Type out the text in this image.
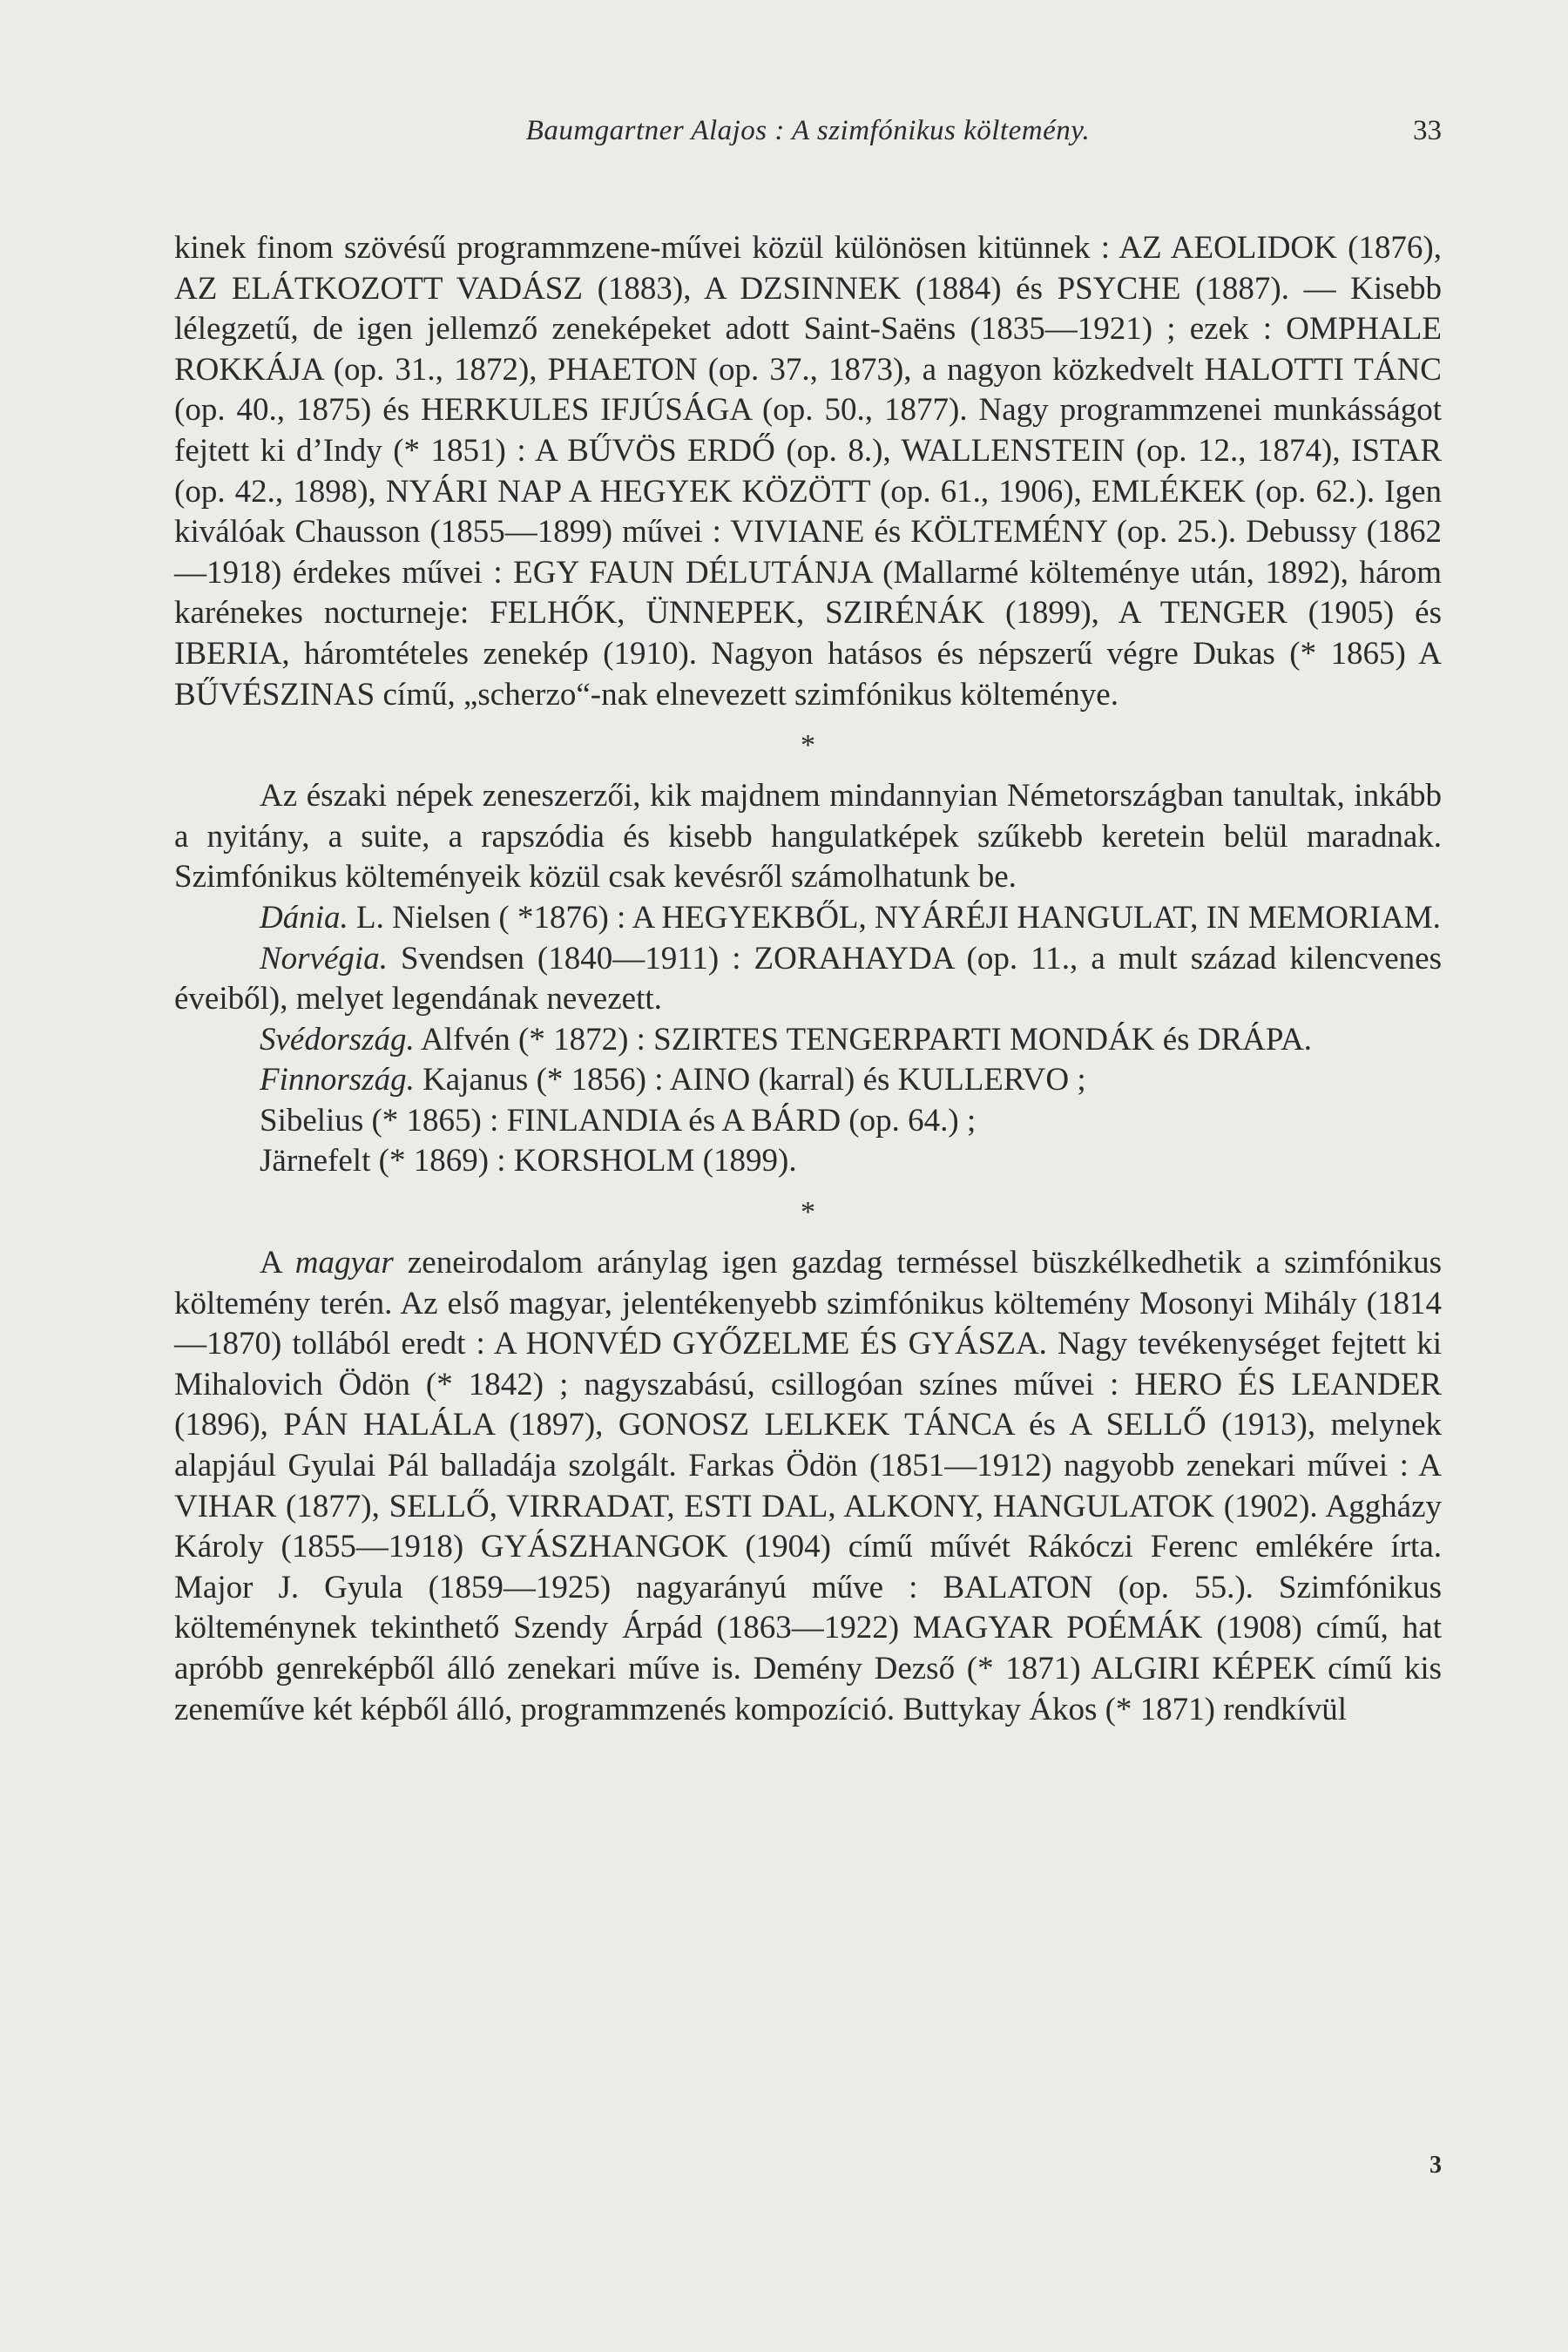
Baumgartner Alajos : A szimfónikus költemény.	33

kinek finom szövésű programmzene-művei közül különösen kitünnek : AZ AEOLIDOK (1876), AZ ELÁTKOZOTT VADÁSZ (1883), A DZSINNEK (1884) és PSYCHE (1887). — Kisebb lélegzetű, de igen jellemző zeneképeket adott Saint-Saëns (1835—1921) ; ezek : OMPHALE ROKKÁJA (op. 31., 1872), PHAETON (op. 37., 1873), a nagyon közkedvelt HALOTTI TÁNC (op. 40., 1875) és HERKULES IFJÚSÁGA (op. 50., 1877). Nagy programmzenei munkásságot fejtett ki d’Indy (* 1851) : A BŰVÖS ERDŐ (op. 8.), WALLENSTEIN (op. 12., 1874), ISTAR (op. 42., 1898), NYÁRI NAP A HEGYEK KÖZÖTT (op. 61., 1906), EMLÉKEK (op. 62.). Igen kiválóak Chausson (1855—1899) művei : VIVIANE és KÖLTEMÉNY (op. 25.). Debussy (1862—1918) érdekes művei : EGY FAUN DÉLUTÁNJA (Mallarmé költeménye után, 1892), három karénekes nocturneje: FELHŐK, ÜNNEPEK, SZIRÉNÁK (1899), A TENGER (1905) és IBERIA, háromtételes zenekép (1910). Nagyon hatásos és népszerű végre Dukas (* 1865) A BŰVÉSZINAS című, „scherzo“-nak elnevezett szimfónikus költeménye.

*

Az északi népek zeneszerzői, kik majdnem mindannyian Németországban tanultak, inkább a nyitány, a suite, a rapszódia és kisebb hangulatképek szűkebb keretein belül maradnak. Szimfónikus költeményeik közül csak kevésről számolhatunk be.

Dánia. L. Nielsen ( *1876) : A HEGYEKBŐL, NYÁRÉJI HANGULAT, IN MEMORIAM.

Norvégia. Svendsen (1840—1911) : ZORAHAYDA (op. 11., a mult század kilencvenes éveiből), melyet legendának nevezett.

Svédország. Alfvén (* 1872) : SZIRTES TENGERPARTI MONDÁK és DRÁPA.

Finnország. Kajanus (* 1856) : AINO (karral) és KULLERVO ;

Sibelius (* 1865) : FINLANDIA és A BÁRD (op. 64.) ;

Järnefelt (* 1869) : KORSHOLM (1899).

*

A magyar zeneirodalom aránylag igen gazdag terméssel büszkélkedhetik a szimfónikus költemény terén. Az első magyar, jelentékenyebb szimfónikus költemény Mosonyi Mihály (1814—1870) tollából eredt : A HONVÉD GYŐZELME ÉS GYÁSZA. Nagy tevékenységet fejtett ki Mihalovich Ödön (* 1842) ; nagyszabású, csillogóan színes művei : HERO ÉS LEANDER (1896), PÁN HALÁLA (1897), GONOSZ LELKEK TÁNCA és A SELLŐ (1913), melynek alapjául Gyulai Pál balladája szolgált. Farkas Ödön (1851—1912) nagyobb zenekari művei : A VIHAR (1877), SELLŐ, VIRRADAT, ESTI DAL, ALKONY, HANGULATOK (1902). Aggházy Károly (1855—1918) GYÁSZHANGOK (1904) című művét Rákóczi Ferenc emlékére írta. Major J. Gyula (1859—1925) nagyarányú műve : BALATON (op. 55.). Szimfónikus költeménynek tekinthető Szendy Árpád (1863—1922) MAGYAR POÉMÁK (1908) című, hat apróbb genreképből álló zenekari műve is. Demény Dezső (* 1871) ALGIRI KÉPEK című kis zeneműve két képből álló, programmzenés kompozíció. Buttykay Ákos (* 1871) rendkívül

3
